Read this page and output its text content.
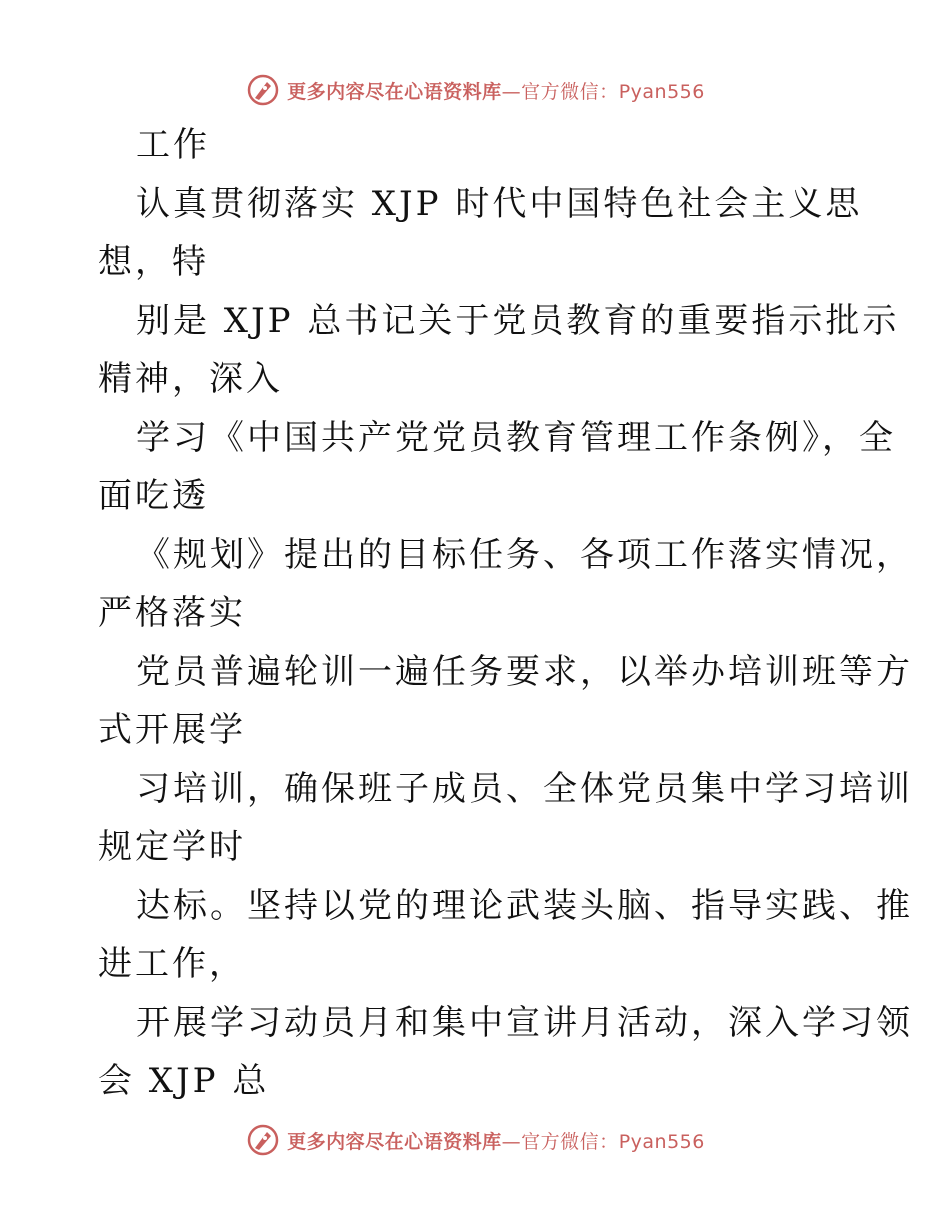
更多内容尽在心语资料库—官方微信：Pyan556
工作
认真贯彻落实 XJP 时代中国特色社会主义思
想，特
别是 XJP 总书记关于党员教育的重要指示批示
精神，深入
学习《中国共产党党员教育管理工作条例》，全
面吃透
《规划》提出的目标任务、各项工作落实情况，
严格落实
党员普遍轮训一遍任务要求，以举办培训班等方
式开展学
习培训，确保班子成员、全体党员集中学习培训
规定学时
达标。坚持以党的理论武装头脑、指导实践、推
进工作，
开展学习动员月和集中宣讲月活动，深入学习领
会 XJP 总
更多内容尽在心语资料库—官方微信：Pyan556
